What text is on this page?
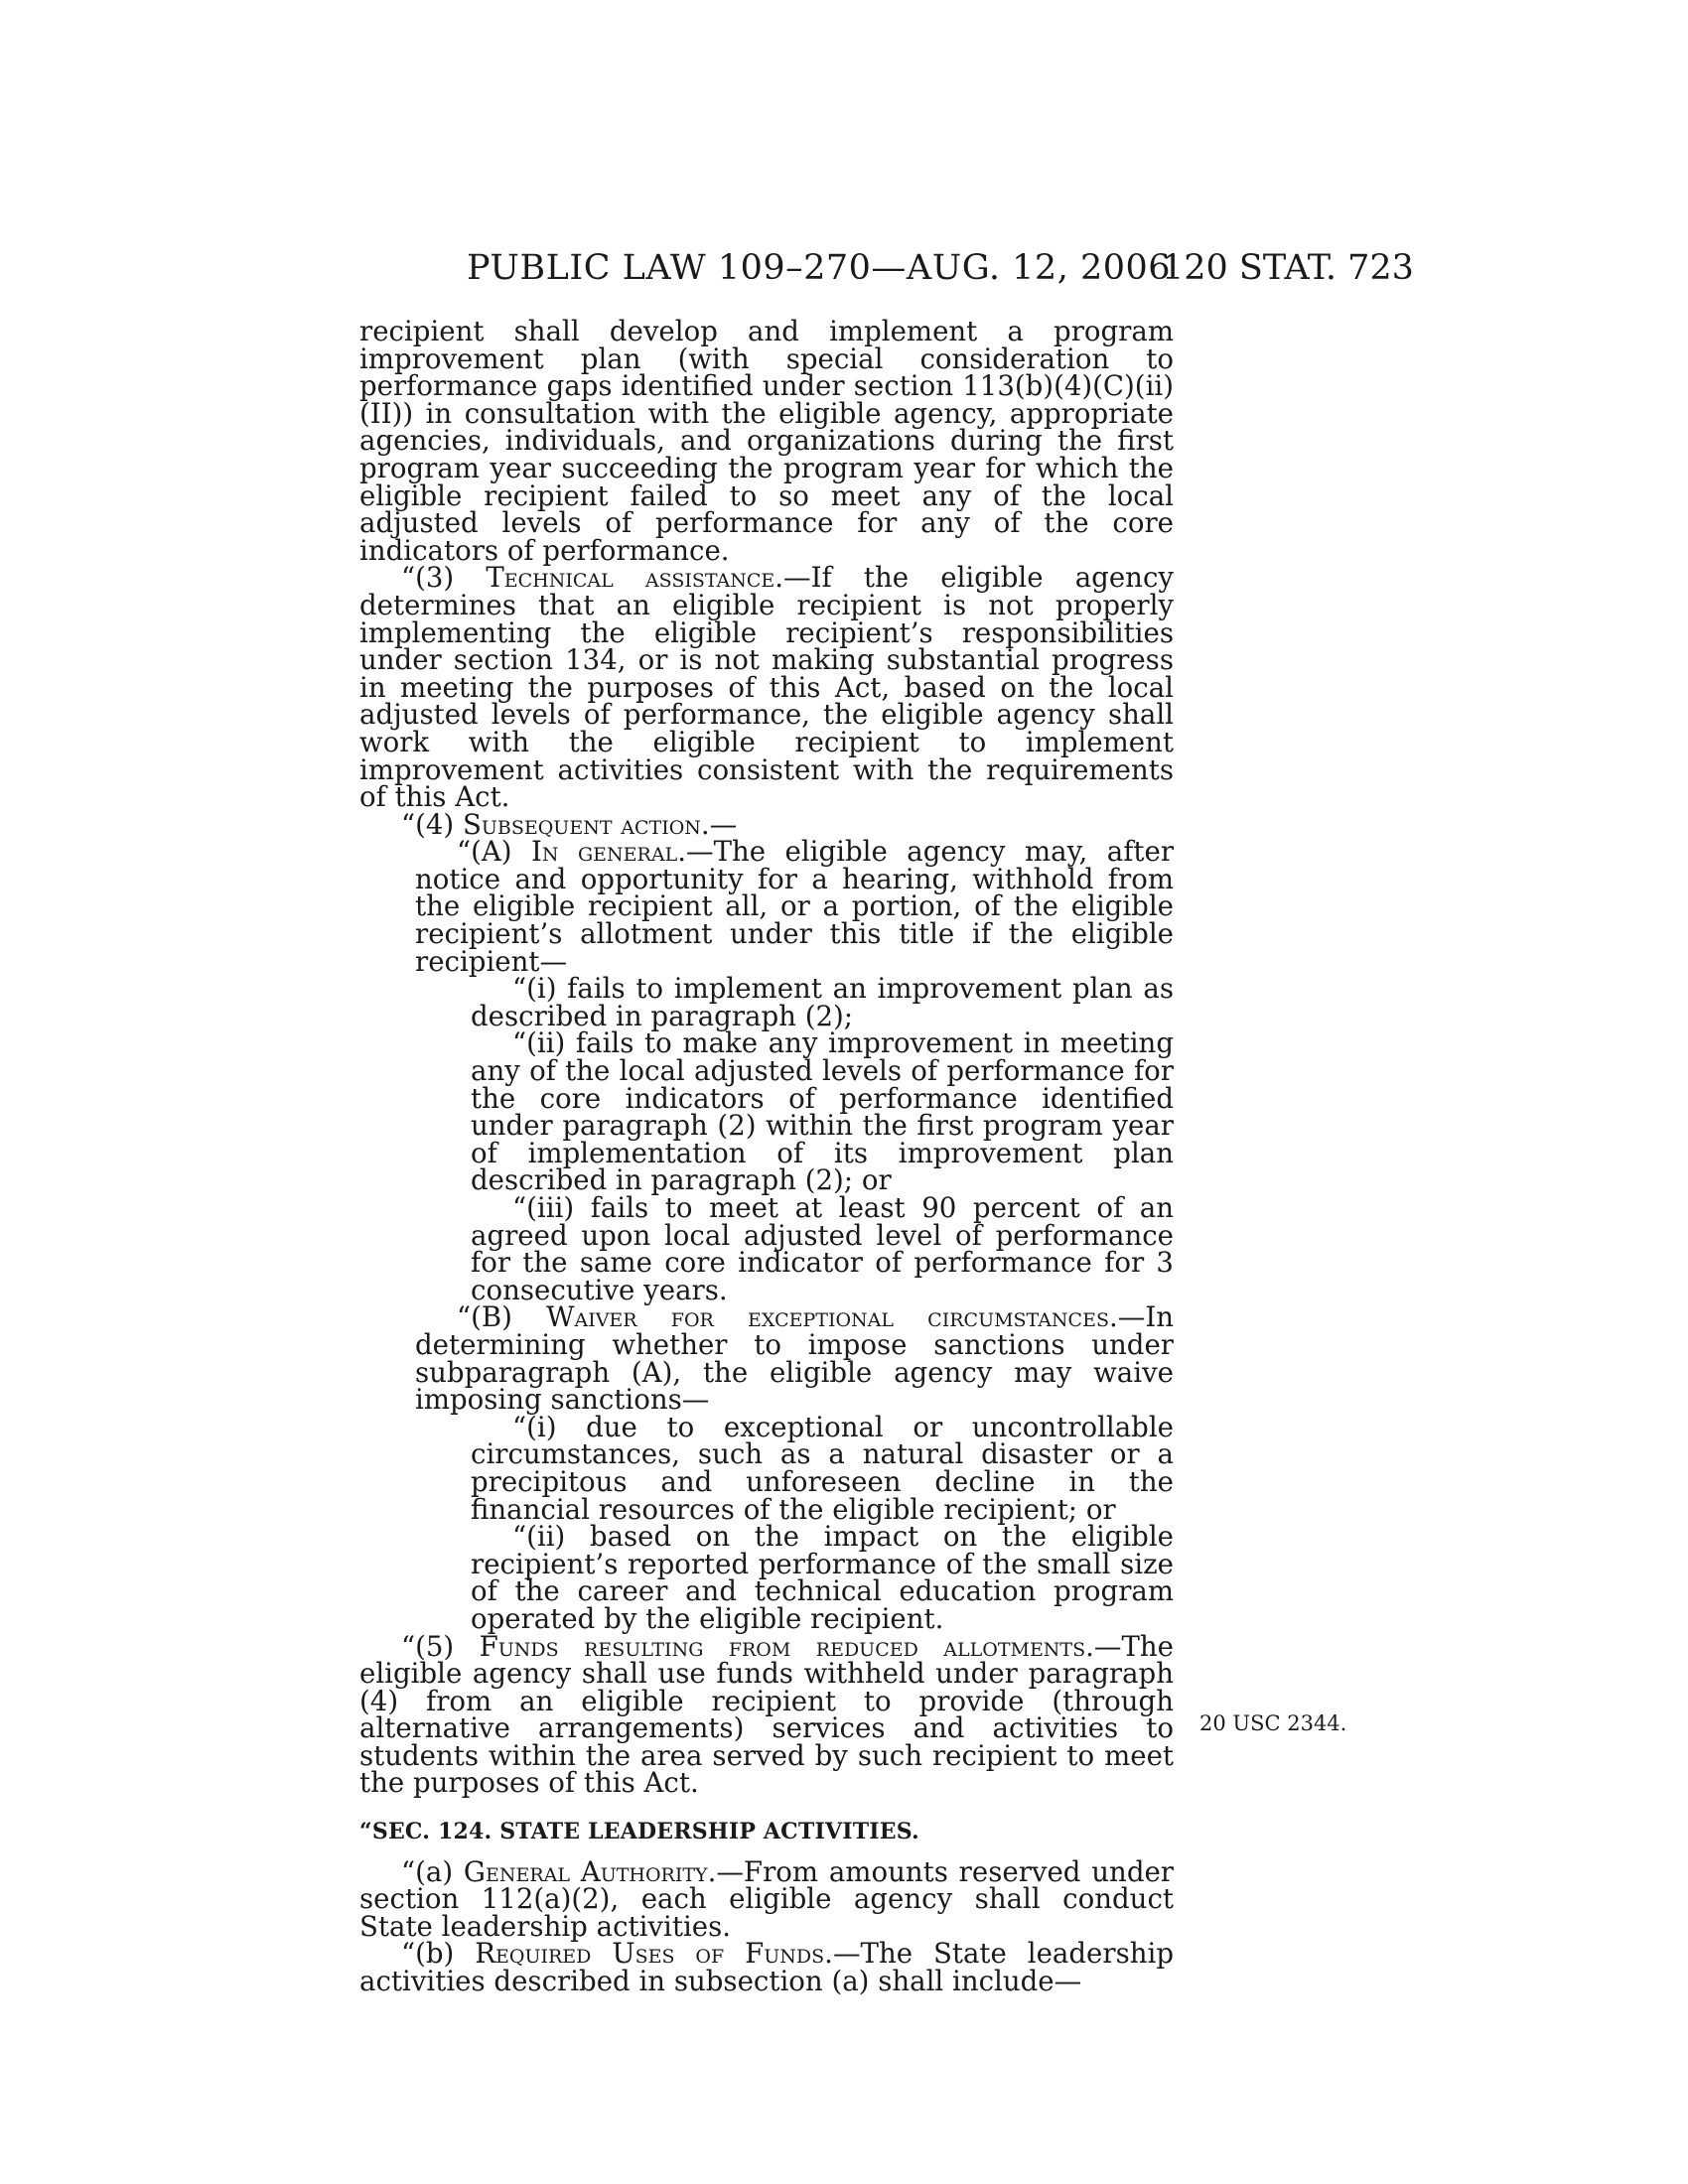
PUBLIC LAW 109–270—AUG. 12, 2006
120 STAT. 723

recipient shall develop and implement a program improvement plan (with special consideration to performance gaps identified under section 113(b)(4)(C)(ii)(II)) in consultation with the eligible agency, appropriate agencies, individuals, and organizations during the first program year succeeding the program year for which the eligible recipient failed to so meet any of the local adjusted levels of performance for any of the core indicators of performance.

“(3) Technical assistance.—If the eligible agency determines that an eligible recipient is not properly implementing the eligible recipient’s responsibilities under section 134, or is not making substantial progress in meeting the purposes of this Act, based on the local adjusted levels of performance, the eligible agency shall work with the eligible recipient to implement improvement activities consistent with the requirements of this Act.

“(4) Subsequent action.—

“(A) In general.—The eligible agency may, after notice and opportunity for a hearing, withhold from the eligible recipient all, or a portion, of the eligible recipient’s allotment under this title if the eligible recipient—

“(i) fails to implement an improvement plan as described in paragraph (2);

“(ii) fails to make any improvement in meeting any of the local adjusted levels of performance for the core indicators of performance identified under paragraph (2) within the first program year of implementation of its improvement plan described in paragraph (2); or

“(iii) fails to meet at least 90 percent of an agreed upon local adjusted level of performance for the same core indicator of performance for 3 consecutive years.

“(B) Waiver for exceptional circumstances.—In determining whether to impose sanctions under subparagraph (A), the eligible agency may waive imposing sanctions—

“(i) due to exceptional or uncontrollable circumstances, such as a natural disaster or a precipitous and unforeseen decline in the financial resources of the eligible recipient; or

“(ii) based on the impact on the eligible recipient’s reported performance of the small size of the career and technical education program operated by the eligible recipient.

“(5) Funds resulting from reduced allotments.—The eligible agency shall use funds withheld under paragraph (4) from an eligible recipient to provide (through alternative arrangements) services and activities to students within the area served by such recipient to meet the purposes of this Act.

“SEC. 124. STATE LEADERSHIP ACTIVITIES.

“(a) General Authority.—From amounts reserved under section 112(a)(2), each eligible agency shall conduct State leadership activities.

“(b) Required Uses of Funds.—The State leadership activities described in subsection (a) shall include—

20 USC 2344.
